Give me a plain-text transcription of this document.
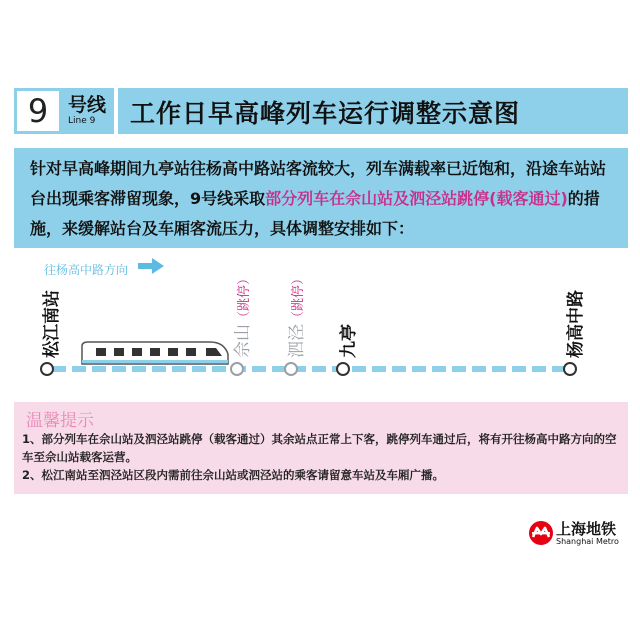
9	号线
Line 9 工作日早高峰列车运行调整示意图
针对早高峰期间九亭站往杨高中路站客流较大，列车满载率已近饱和，沿途车站站台出现乘客滞留现象，9号线采取部分列车在佘山站及泗泾站跳停(载客通过)的措施，来缓解站台及车厢客流压力，具体调整安排如下：
往杨高中路方向
松江南站	佘山（跳停）
泗泾（跳停）
九亭	杨高中路
温馨提示
1、部分列车在佘山站及泗泾站跳停（载客通过）其余站点正常上下客，跳停列车通过后，将有开往杨高中路方向的空车至佘山站载客运营。
2、松江南站至泗泾站区段内需前往佘山站或泗泾站的乘客请留意车站及车厢广播。
上海地铁
Shanghai Metro
